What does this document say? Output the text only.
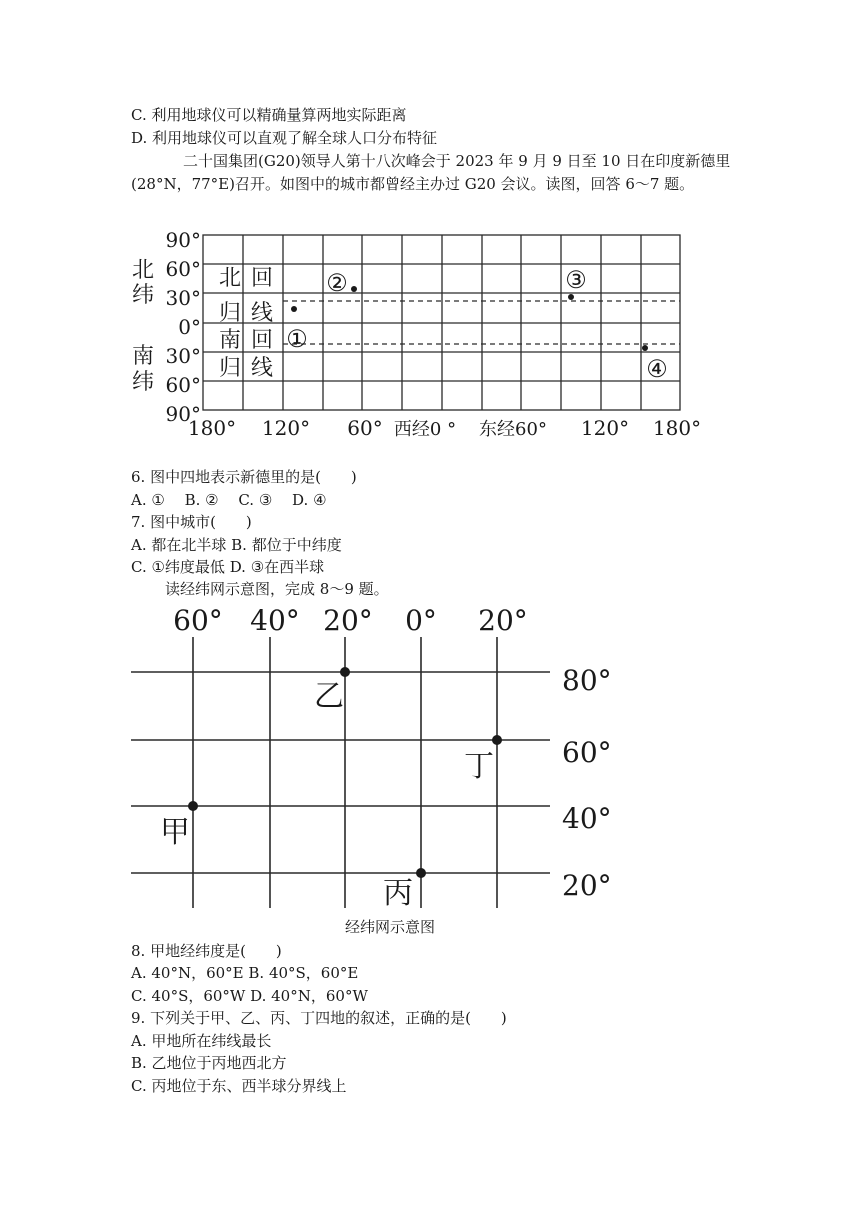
C. 利用地球仪可以精确量算两地实际距离
D. 利用地球仪可以直观了解全球人口分布特征
二十国集团(G20)领导人第十八次峰会于 2023 年 9 月 9 日至 10 日在印度新德里(28°N，77°E)召开。如图中的城市都曾经主办过 G20 会议。读图，回答 6～7 题。
90°
60°
30°
0°
30°
60°
90°
北
纬
南
纬
180° 120° 60° 西经0 ° 东经60° 120° 180°
北 回
归 线
南 回
归 线
①
②	③
④
60° 40° 20° 0° 20°
80°
60°
40°
20°
甲
乙
丙
丁
经纬网示意图
6. 图中四地表示新德里的是(　　)
A. ①　 B. ②　 C. ③　 D. ④
7. 图中城市(　　)
A. 都在北半球 B. 都位于中纬度
C. ①纬度最低 D. ③在西半球
读经纬网示意图，完成 8～9 题。
8. 甲地经纬度是(　　)
A. 40°N，60°E B. 40°S，60°E
C. 40°S，60°W D. 40°N，60°W
9. 下列关于甲、乙、丙、丁四地的叙述，正确的是(　　)
A. 甲地所在纬线最长
B. 乙地位于丙地西北方
C. 丙地位于东、西半球分界线上
